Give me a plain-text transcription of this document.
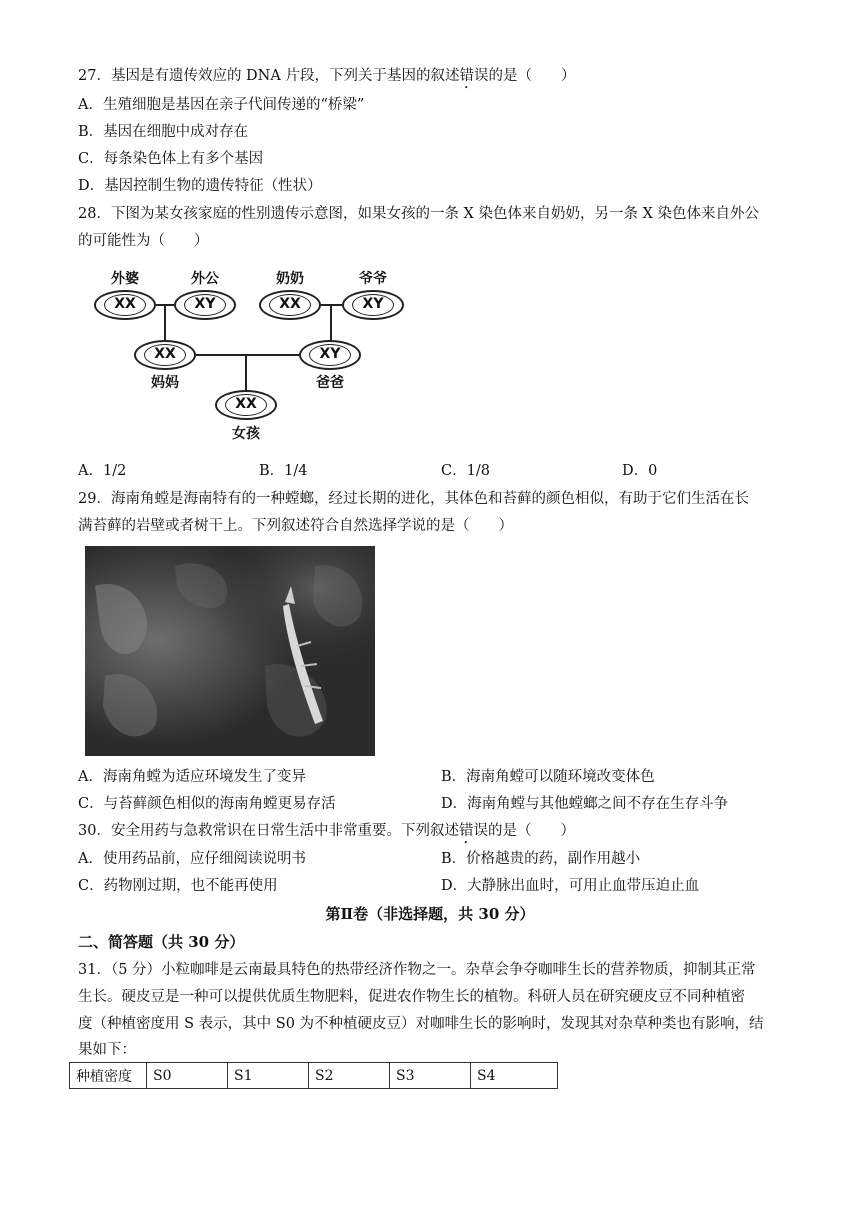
27．基因是有遗传效应的 DNA 片段，下列关于基因的叙述错误的是（　　）
A．生殖细胞是基因在亲子代间传递的“桥梁”
B．基因在细胞中成对存在
C．每条染色体上有多个基因
D．基因控制生物的遗传特征（性状）
28．下图为某女孩家庭的性别遗传示意图，如果女孩的一条 X 染色体来自奶奶，另一条 X 染色体来自外公
的可能性为（　　）
外婆	外公	奶奶	爷爷
XX	XY	XX	XY
XX	XY
妈妈	爸爸
XX
女孩
A．1/2	B．1/4	C．1/8	D．0
29．海南角螳是海南特有的一种螳螂，经过长期的进化，其体色和苔藓的颜色相似，有助于它们生活在长
满苔藓的岩壁或者树干上。下列叙述符合自然选择学说的是（　　）
A．海南角螳为适应环境发生了变异	B．海南角螳可以随环境改变体色
C．与苔藓颜色相似的海南角螳更易存活	D．海南角螳与其他螳螂之间不存在生存斗争
30．安全用药与急救常识在日常生活中非常重要。下列叙述错误的是（　　）
A．使用药品前，应仔细阅读说明书	B．价格越贵的药，副作用越小
C．药物刚过期，也不能再使用	D．大静脉出血时，可用止血带压迫止血
第Ⅱ卷（非选择题，共 30 分）
二、简答题（共 30 分）
31．（5 分）小粒咖啡是云南最具特色的热带经济作物之一。杂草会争夺咖啡生长的营养物质，抑制其正常
生长。硬皮豆是一种可以提供优质生物肥料，促进农作物生长的植物。科研人员在研究硬皮豆不同种植密
度（种植密度用 S 表示，其中 S0 为不种植硬皮豆）对咖啡生长的影响时，发现其对杂草种类也有影响，结
果如下：
种植密度	S0	S1	S2	S3	S4
